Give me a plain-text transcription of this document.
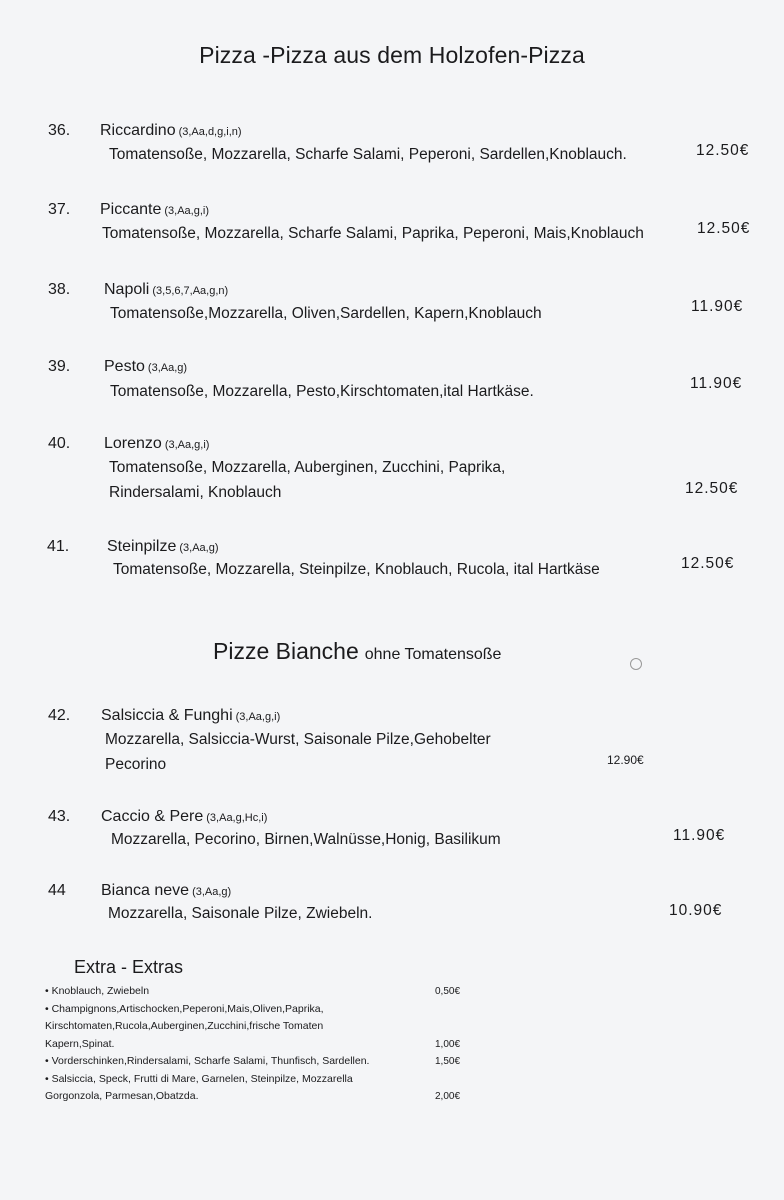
Pizza -Pizza aus dem Holzofen-Pizza
36. Riccardino (3,Aa,d,g,i,n)
Tomatensoße, Mozzarella, Scharfe Salami, Peperoni, Sardellen,Knoblauch.	12.50€
37. Piccante (3,Aa,g,i)
Tomatensoße, Mozzarella, Scharfe Salami, Paprika, Peperoni, Mais,Knoblauch	12.50€
38. Napoli (3,5,6,7,Aa,g,n)
Tomatensoße,Mozzarella, Oliven,Sardellen, Kapern,Knoblauch	11.90€
39. Pesto (3,Aa,g)
Tomatensoße, Mozzarella, Pesto,Kirschtomaten,ital Hartkäse.	11.90€
40. Lorenzo (3,Aa,g,i)
Tomatensoße, Mozzarella, Auberginen, Zucchini, Paprika,
Rindersalami, Knoblauch	12.50€
41. Steinpilze (3,Aa,g)
Tomatensoße, Mozzarella, Steinpilze, Knoblauch, Rucola, ital Hartkäse	12.50€
Pizze Bianche ohne Tomatensoße
42. Salsiccia & Funghi (3,Aa,g,i)
Mozzarella, Salsiccia-Wurst, Saisonale Pilze,Gehobelter
Pecorino	12.90€
43. Caccio & Pere (3,Aa,g,Hc,i)
Mozzarella, Pecorino, Birnen,Walnüsse,Honig, Basilikum	11.90€
44 Bianca neve (3,Aa,g)
Mozzarella, Saisonale Pilze, Zwiebeln.	10.90€
Extra - Extras
• Knoblauch, Zwiebeln	0,50€
• Champignons,Artischocken,Peperoni,Mais,Oliven,Paprika,
Kirschtomaten,Rucola,Auberginen,Zucchini,frische Tomaten
Kapern,Spinat.	1,00€
• Vorderschinken,Rindersalami, Scharfe Salami, Thunfisch, Sardellen.	1,50€
• Salsiccia, Speck, Frutti di Mare, Garnelen, Steinpilze, Mozzarella
Gorgonzola, Parmesan,Obatzda.	2,00€
